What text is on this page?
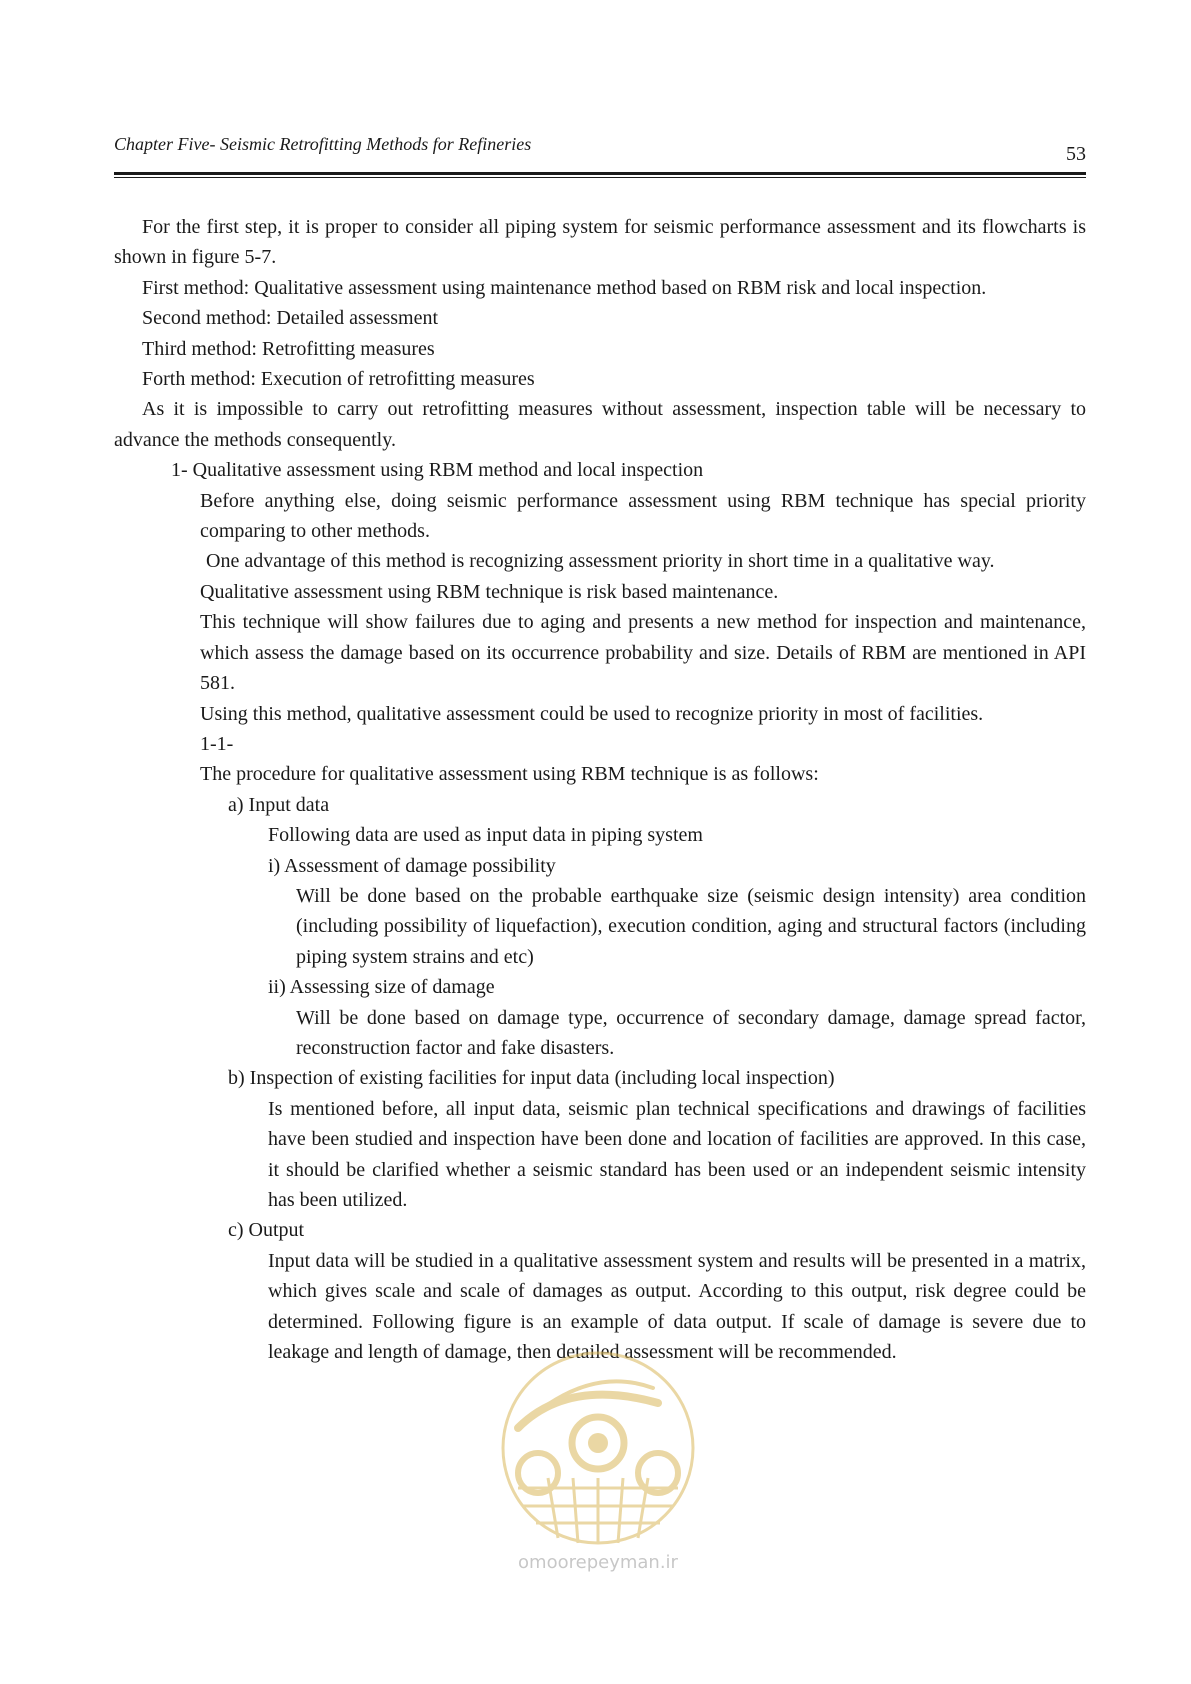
Chapter Five- Seismic Retrofitting Methods for Refineries	53

For the first step, it is proper to consider all piping system for seismic performance assessment and its flowcharts is shown in figure 5-7.

First method: Qualitative assessment using maintenance method based on RBM risk and local inspection.

Second method: Detailed assessment

Third method: Retrofitting measures

Forth method: Execution of retrofitting measures

As it is impossible to carry out retrofitting measures without assessment, inspection table will be necessary to advance the methods consequently.

1- Qualitative assessment using RBM method and local inspection

Before anything else, doing seismic performance assessment using RBM technique has special priority comparing to other methods.

One advantage of this method is recognizing assessment priority in short time in a qualitative way.

Qualitative assessment using RBM technique is risk based maintenance.

This technique will show failures due to aging and presents a new method for inspection and maintenance, which assess the damage based on its occurrence probability and size. Details of RBM are mentioned in API 581.

Using this method, qualitative assessment could be used to recognize priority in most of facilities.

1-1-

The procedure for qualitative assessment using RBM technique is as follows:

a) Input data

Following data are used as input data in piping system

i) Assessment of damage possibility

Will be done based on the probable earthquake size (seismic design intensity) area condition (including possibility of liquefaction), execution condition, aging and structural factors (including piping system strains and etc)

ii) Assessing size of damage

Will be done based on damage type, occurrence of secondary damage, damage spread factor, reconstruction factor and fake disasters.

b) Inspection of existing facilities for input data (including local inspection)

Is mentioned before, all input data, seismic plan technical specifications and drawings of facilities have been studied and inspection have been done and location of facilities are approved. In this case, it should be clarified whether a seismic standard has been used or an independent seismic intensity has been utilized.

c) Output

Input data will be studied in a qualitative assessment system and results will be presented in a matrix, which gives scale and scale of damages as output. According to this output, risk degree could be determined. Following figure is an example of data output. If scale of damage is severe due to leakage and length of damage, then detailed assessment will be recommended.

omoorepeyman.ir
